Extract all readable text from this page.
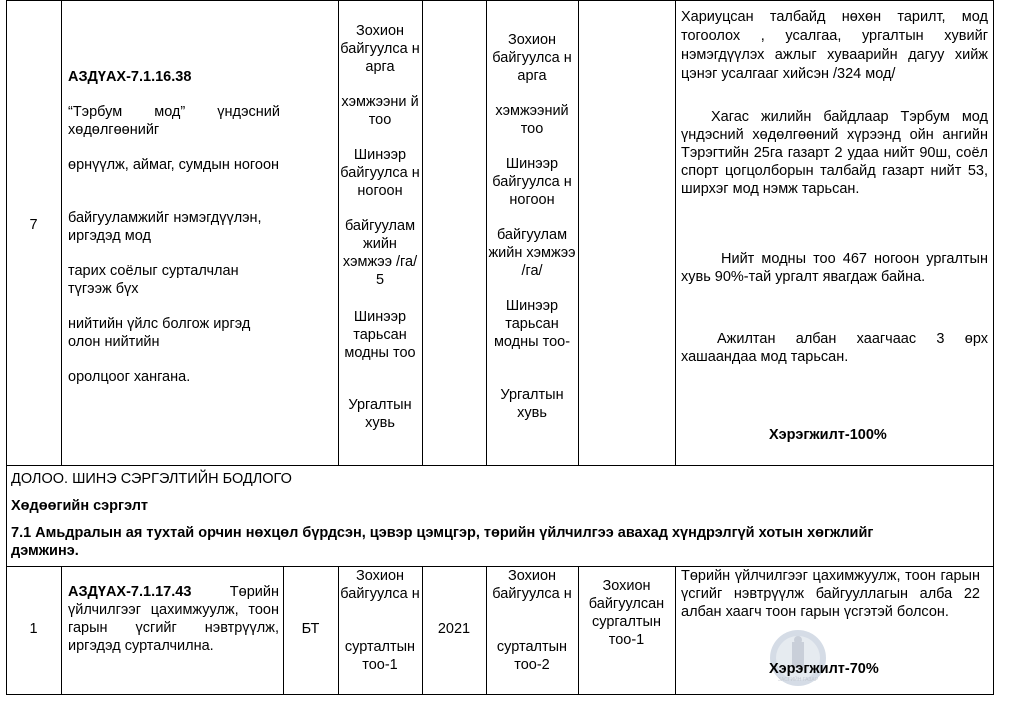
7
АЗДҮАХ-7.1.16.38

“Тэрбум мод” үндэсний хөдөлгөөнийг

өрнүүлж, аймаг, сумдын ногоон
байгууламжийг нэмэгдүүлэн, иргэдэд мод
тарих соёлыг сурталчлан түгээж бүх
нийтийн үйлс болгож иргэд олон нийтийн
оролцоог хангана.
Зохион байгуулса н арга
хэмжээни й тоо
Шинээр байгуулса н ногоон
байгуулам жийн хэмжээ /га/ 5
Шинээр тарьсан модны тоо
Ургалтын хувь
Зохион байгуулса н арга
хэмжээний тоо
Шинээр байгуулса н ногоон
байгуулам жийн хэмжээ /га/
Шинээр тарьсан модны тоо-
Ургалтын хувь
Хариуцсан талбайд нөхөн тарилт, мод тогоолох , усалгаа, ургалтын хувийг нэмэгдүүлэх ажлыг хуваарийн дагуу хийж цэнэг усалгааг хийсэн /324 мод/
Хагас жилийн байдлаар Тэрбум мод үндэсний хөдөлгөөний хүрээнд ойн ангийн Тэрэгтийн 25га газарт 2 удаа нийт 90ш, соёл спорт цогцолборын талбайд газарт нийт 53, ширхэг мод нэмж тарьсан.
Нийт модны тоо 467 ногоон ургалтын хувь 90%-тай ургалт явагдаж байна.
Ажилтан албан хаагчаас 3 өрх хашаандаа мод тарьсан.
Хэрэгжилт-100%
ДОЛОО. ШИНЭ СЭРГЭЛТИЙН БОДЛОГО
Хөдөөгийн сэргэлт
7.1 Амьдралын ая тухтай орчин нөхцөл бүрдсэн, цэвэр цэмцгэр, төрийн үйлчилгээ авахад хүндрэлгүй хотын хөгжлийг
дэмжинэ.
1
АЗДҮАХ-7.1.17.43	Төрийн үйлчилгээг цахимжуулж, тоон гарын үсгийг нэвтрүүлж, иргэдэд сурталчилна.
БТ
Зохион байгуулса н
сурталтын тоо-1
2021
Зохион байгуулса н
сурталтын тоо-2
Зохион байгуулсан сургалтын тоо-1
Төрийн үйлчилгээг цахимжуулж, тоон гарын үсгийг нэвтрүүлж байгууллагын алба 22 албан хаагч тоон гарын үсгэтэй болсон.
ЗАСГИЙН ГАЗАР
Хэрэгжилт-70%
